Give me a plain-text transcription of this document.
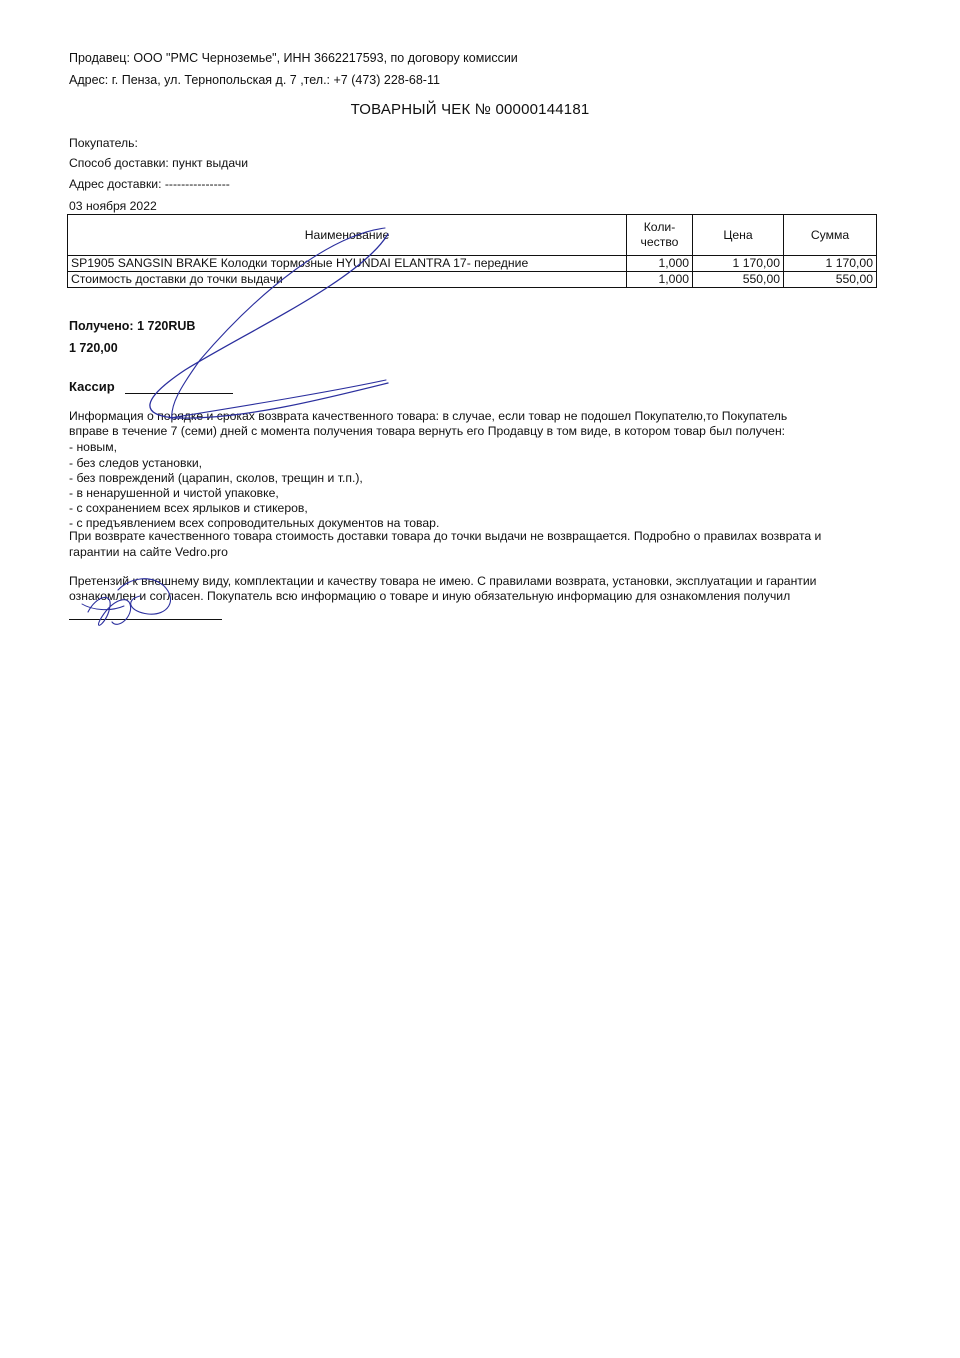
Продавец: ООО "РМС Черноземье", ИНН 3662217593, по договору комиссии
Адрес: г. Пенза, ул. Тернопольская д. 7 ,тел.: +7 (473) 228-68-11
ТОВАРНЫЙ ЧЕК № 00000144181
Покупатель:
Способ доставки: пункт выдачи
Адрес доставки: ----------------
03 ноября 2022
Наименование	Коли-чество	Цена	Сумма
SP1905 SANGSIN BRAKE Колодки тормозные HYUNDAI ELANTRA 17- передние	1,000	1 170,00	1 170,00
Стоимость доставки до точки выдачи	1,000	550,00	550,00
Получено: 1 720RUB
1 720,00
Кассир
Информация о порядке и сроках возврата качественного товара: в случае, если товар не подошел Покупателю,то Покупатель
вправе в течение 7 (семи) дней с момента получения товара вернуть его Продавцу в том виде, в котором товар был получен:
- новым,
- без следов установки,
- без повреждений (царапин, сколов, трещин и т.п.),
- в ненарушенной и чистой упаковке,
- с сохранением всех ярлыков и стикеров,
- с предъявлением всех сопроводительных документов на товар.
При возврате качественного товара стоимость доставки товара до точки выдачи не возвращается. Подробно о правилах возврата и
гарантии на сайте Vedro.pro
Претензий к внешнему виду, комплектации и качеству товара не имею. С правилами возврата, установки, эксплуатации и гарантии
ознакомлен и согласен. Покупатель всю информацию о товаре и иную обязательную информацию для ознакомления получил
